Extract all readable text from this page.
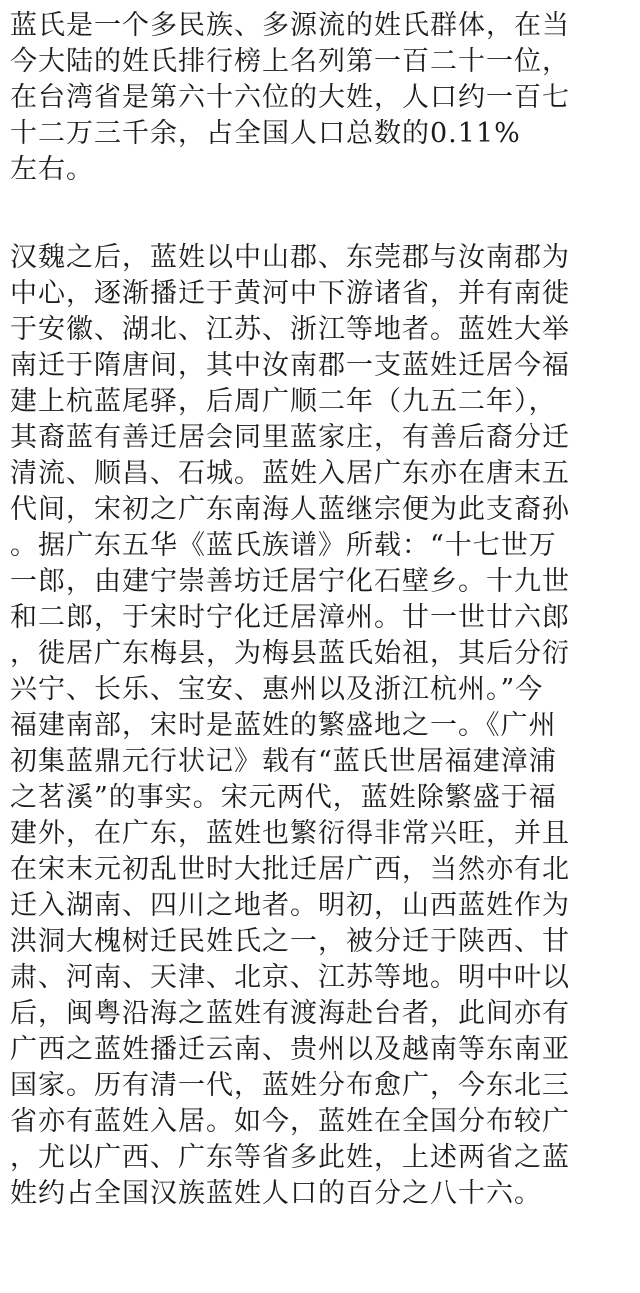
蓝氏是一个多民族、多源流的姓氏群体，在当
今大陆的姓氏排行榜上名列第一百二十一位，
在台湾省是第六十六位的大姓，人口约一百七
十二万三千余，占全国人口总数的0.11%
左右。
汉魏之后，蓝姓以中山郡、东莞郡与汝南郡为
中心，逐渐播迁于黄河中下游诸省，并有南徙
于安徽、湖北、江苏、浙江等地者。蓝姓大举
南迁于隋唐间，其中汝南郡一支蓝姓迁居今福
建上杭蓝尾驿，后周广顺二年（九五二年），
其裔蓝有善迁居会同里蓝家庄，有善后裔分迁
清流、顺昌、石城。蓝姓入居广东亦在唐末五
代间，宋初之广东南海人蓝继宗便为此支裔孙
。据广东五华《蓝氏族谱》所载：“十七世万
一郎，由建宁崇善坊迁居宁化石壁乡。十九世
和二郎，于宋时宁化迁居漳州。廿一世廿六郎
，徙居广东梅县，为梅县蓝氏始祖，其后分衍
兴宁、长乐、宝安、惠州以及浙江杭州。”今
福建南部，宋时是蓝姓的繁盛地之一。《广州
初集蓝鼎元行状记》载有“蓝氏世居福建漳浦
之茗溪”的事实。宋元两代，蓝姓除繁盛于福
建外，在广东，蓝姓也繁衍得非常兴旺，并且
在宋末元初乱世时大批迁居广西，当然亦有北
迁入湖南、四川之地者。明初，山西蓝姓作为
洪洞大槐树迁民姓氏之一，被分迁于陕西、甘
肃、河南、天津、北京、江苏等地。明中叶以
后，闽粤沿海之蓝姓有渡海赴台者，此间亦有
广西之蓝姓播迁云南、贵州以及越南等东南亚
国家。历有清一代，蓝姓分布愈广，今东北三
省亦有蓝姓入居。如今，蓝姓在全国分布较广
，尤以广西、广东等省多此姓，上述两省之蓝
姓约占全国汉族蓝姓人口的百分之八十六。
